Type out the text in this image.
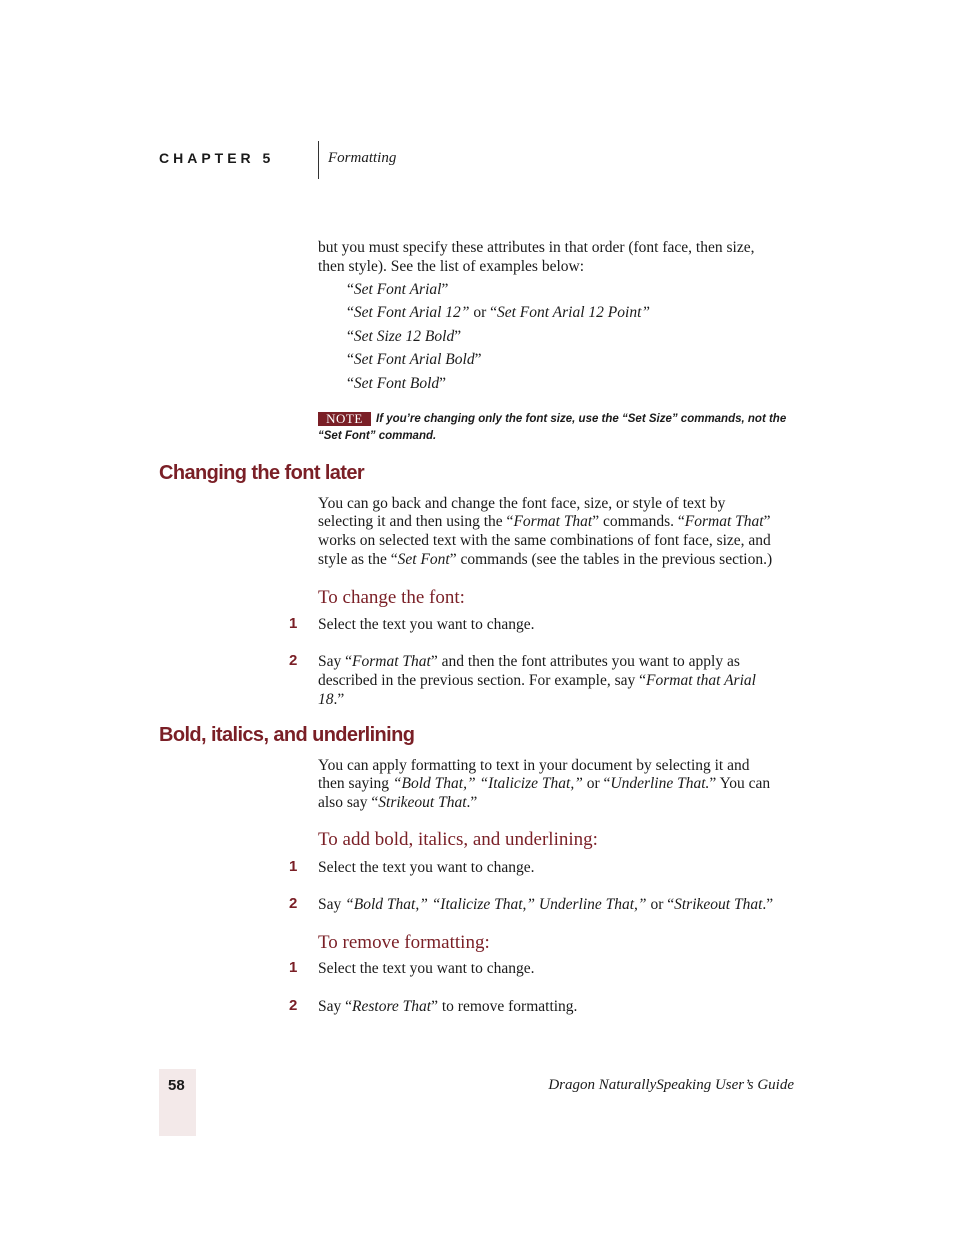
CHAPTER 5	Formatting
but you must specify these attributes in that order (font face, then size,
then style). See the list of examples below:
“Set Font Arial”
“Set Font Arial 12” or “Set Font Arial 12 Point”
“Set Size 12 Bold”
“Set Font Arial Bold”
“Set Font Bold”
NOTE	If you’re changing only the font size, use the “Set Size” commands, not the “Set Font” command.
Changing the font later
You can go back and change the font face, size, or style of text by
selecting it and then using the “Format That” commands. “Format That”
works on selected text with the same combinations of font face, size, and
style as the “Set Font” commands (see the tables in the previous section.)
To change the font:
1 Select the text you want to change.
2 Say “Format That” and then the font attributes you want to apply as
described in the previous section. For example, say “Format that Arial
18.”
Bold, italics, and underlining
You can apply formatting to text in your document by selecting it and
then saying “Bold That,” “Italicize That,” or “Underline That.” You can
also say “Strikeout That.”
To add bold, italics, and underlining:
1 Select the text you want to change.
2 Say “Bold That,” “Italicize That,” Underline That,” or “Strikeout That.”
To remove formatting:
1 Select the text you want to change.
2 Say “Restore That” to remove formatting.
58	Dragon NaturallySpeaking User’s Guide
